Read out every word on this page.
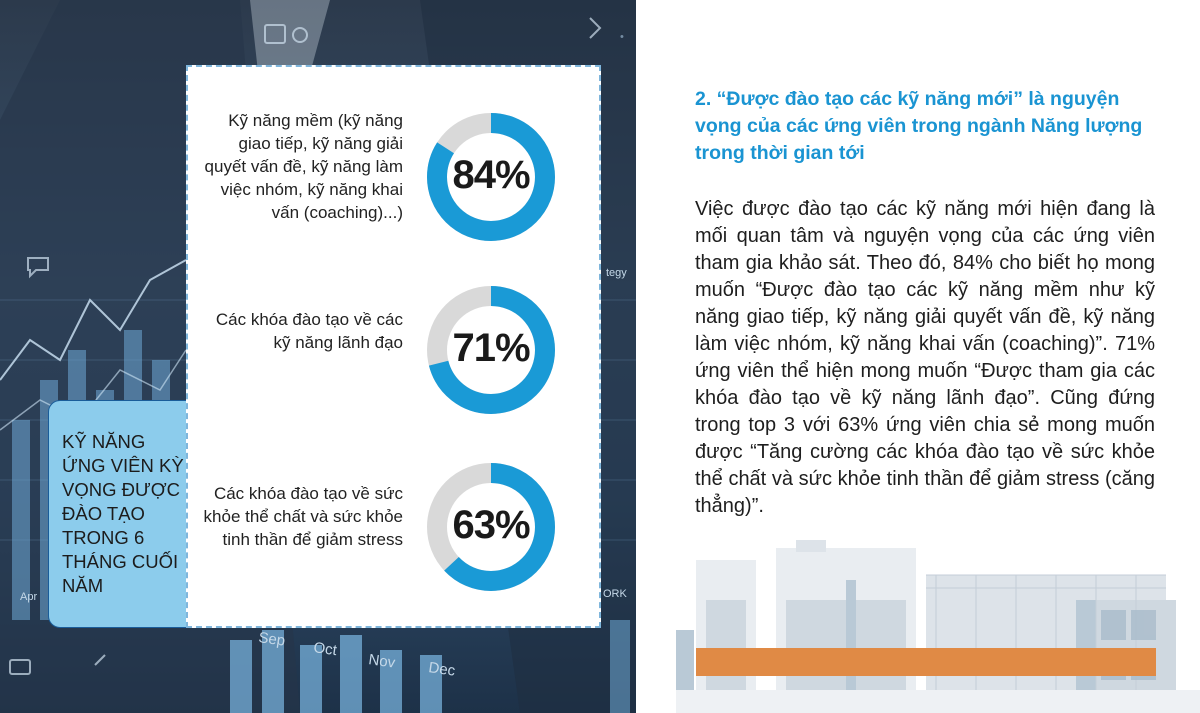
•
Sep Oct
Nov Dec
Apr
tegy
ORK
KỸ NĂNG ỨNG VIÊN KỲ VỌNG ĐƯỢC ĐÀO TẠO TRONG 6 THÁNG CUỐI NĂM
Kỹ năng mềm (kỹ năng giao tiếp, kỹ năng giải quyết vấn đề, kỹ năng làm việc nhóm, kỹ năng khai vấn (coaching)...)
84%
Các khóa đào tạo về các kỹ năng lãnh đạo	71%
Các khóa đào tạo về sức khỏe thể chất và sức khỏe tinh thần để giảm stress	63%
2. “Được đào tạo các kỹ năng mới” là nguyện vọng của các ứng viên trong ngành Năng lượng trong thời gian tới
Việc được đào tạo các kỹ năng mới hiện đang là mối quan tâm và nguyện vọng của các ứng viên tham gia khảo sát. Theo đó, 84% cho biết họ mong muốn “Được đào tạo các kỹ năng mềm như kỹ năng giao tiếp, kỹ năng giải quyết vấn đề, kỹ năng làm việc nhóm, kỹ năng khai vấn (coaching)”. 71% ứng viên thể hiện mong muốn “Được tham gia các khóa đào tạo về kỹ năng lãnh đạo”. Cũng đứng trong top 3 với 63% ứng viên chia sẻ mong muốn được “Tăng cường các khóa đào tạo về sức khỏe thể chất và sức khỏe tinh thần để giảm stress (căng thẳng)”.
